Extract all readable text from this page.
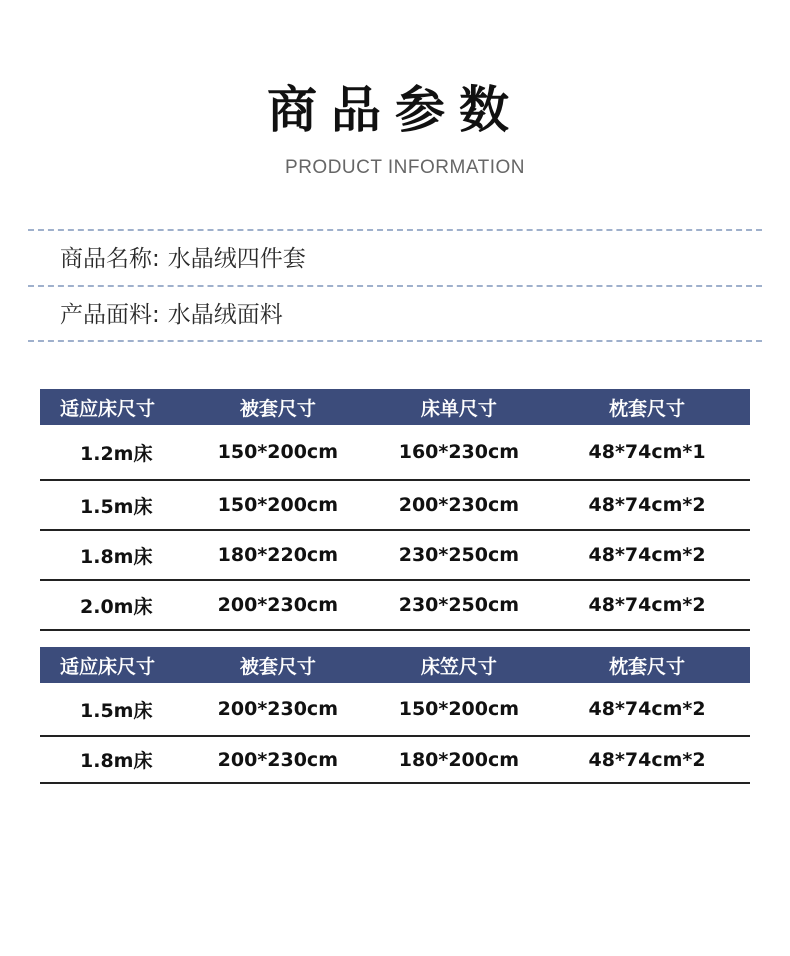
商品参数
PRODUCT INFORMATION
商品名称: 水晶绒四件套
产品面料: 水晶绒面料
适应床尺寸	被套尺寸	床单尺寸	枕套尺寸
1.2m床	150*200cm	160*230cm	48*74cm*1
1.5m床	150*200cm	200*230cm	48*74cm*2
1.8m床	180*220cm	230*250cm	48*74cm*2
2.0m床	200*230cm	230*250cm	48*74cm*2
适应床尺寸	被套尺寸	床笠尺寸	枕套尺寸
1.5m床	200*230cm	150*200cm	48*74cm*2
1.8m床	200*230cm	180*200cm	48*74cm*2
